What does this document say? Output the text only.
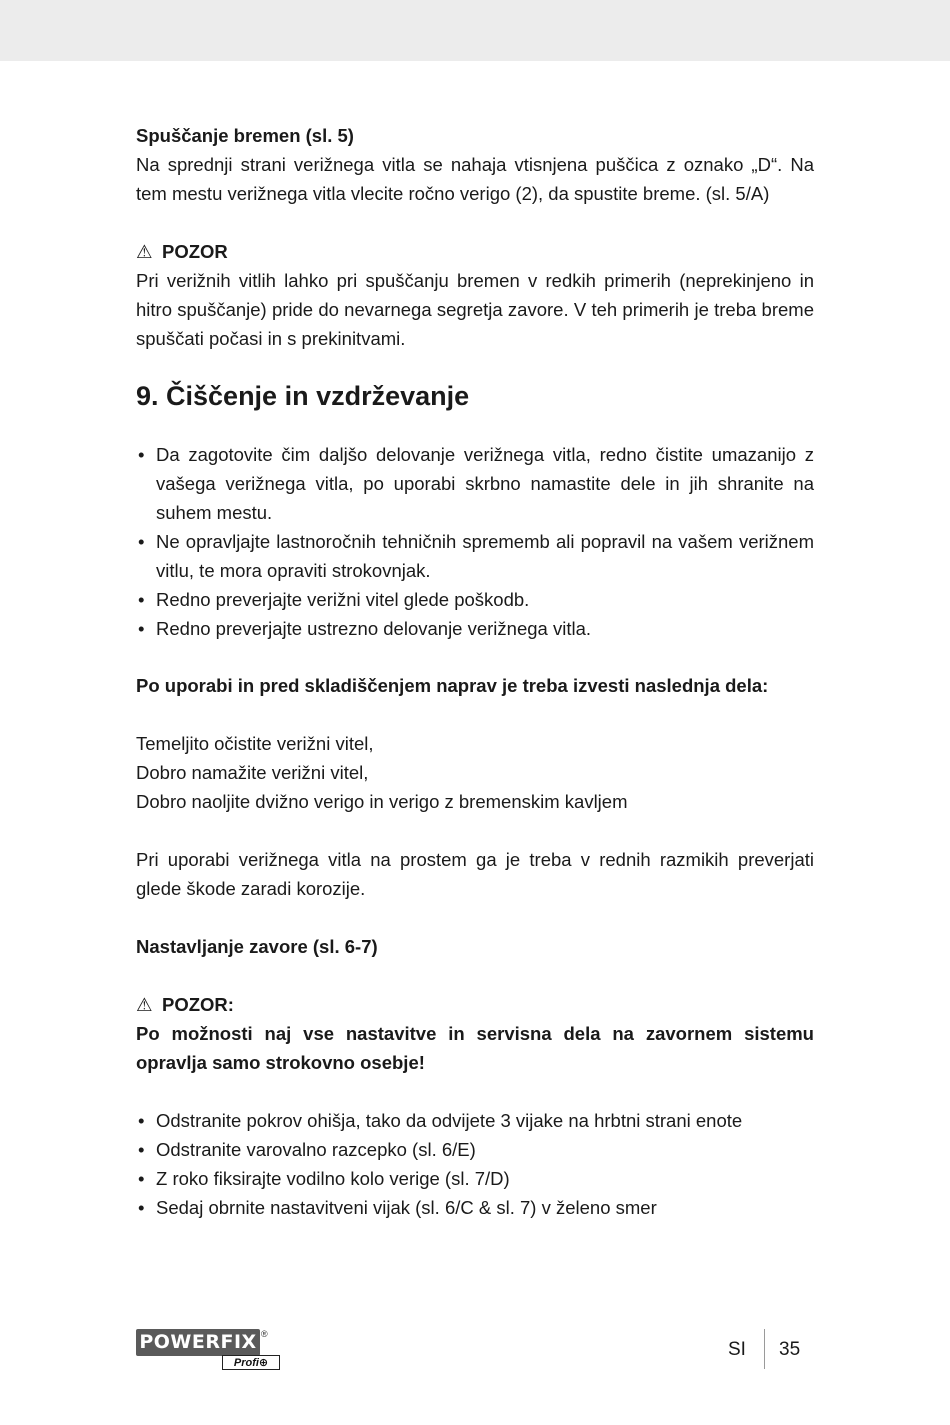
Spuščanje bremen (sl. 5)

Na sprednji strani verižnega vitla se nahaja vtisnjena puščica z oznako „D“. Na tem mestu verižnega vitla vlecite ročno verigo (2), da spustite breme. (sl. 5/A)

⚠ POZOR

Pri verižnih vitlih lahko pri spuščanju bremen v redkih primerih (neprekinjeno in hitro spuščanje) pride do nevarnega segretja zavore. V teh primerih je treba breme spuščati počasi in s prekinitvami.

9. Čiščenje in vzdrževanje
• Da zagotovite čim daljšo delovanje verižnega vitla, redno čistite umazanijo z vašega verižnega vitla, po uporabi skrbno namastite dele in jih shranite na suhem mestu.
• Ne opravljajte lastnoročnih tehničnih sprememb ali popravil na vašem verižnem vitlu, te mora opraviti strokovnjak.
• Redno preverjajte verižni vitel glede poškodb.
• Redno preverjajte ustrezno delovanje verižnega vitla.

Po uporabi in pred skladiščenjem naprav je treba izvesti naslednja dela:

Temeljito očistite verižni vitel,

Dobro namažite verižni vitel,

Dobro naoljite dvižno verigo in verigo z bremenskim kavljem

Pri uporabi verižnega vitla na prostem ga je treba v rednih razmikih preverjati glede škode zaradi korozije.

Nastavljanje zavore (sl. 6-7)

⚠ POZOR:

Po možnosti naj vse nastavitve in servisna dela na zavornem sistemu opravlja samo strokovno osebje!

• Odstranite pokrov ohišja, tako da odvijete 3 vijake na hrbtni strani enote
• Odstranite varovalno razcepko (sl. 6/E)
• Z roko fiksirajte vodilno kolo verige (sl. 7/D)
• Sedaj obrnite nastavitveni vijak (sl. 6/C & sl. 7) v želeno smer
POWERFIX ®
Profi⊕
SI 35
